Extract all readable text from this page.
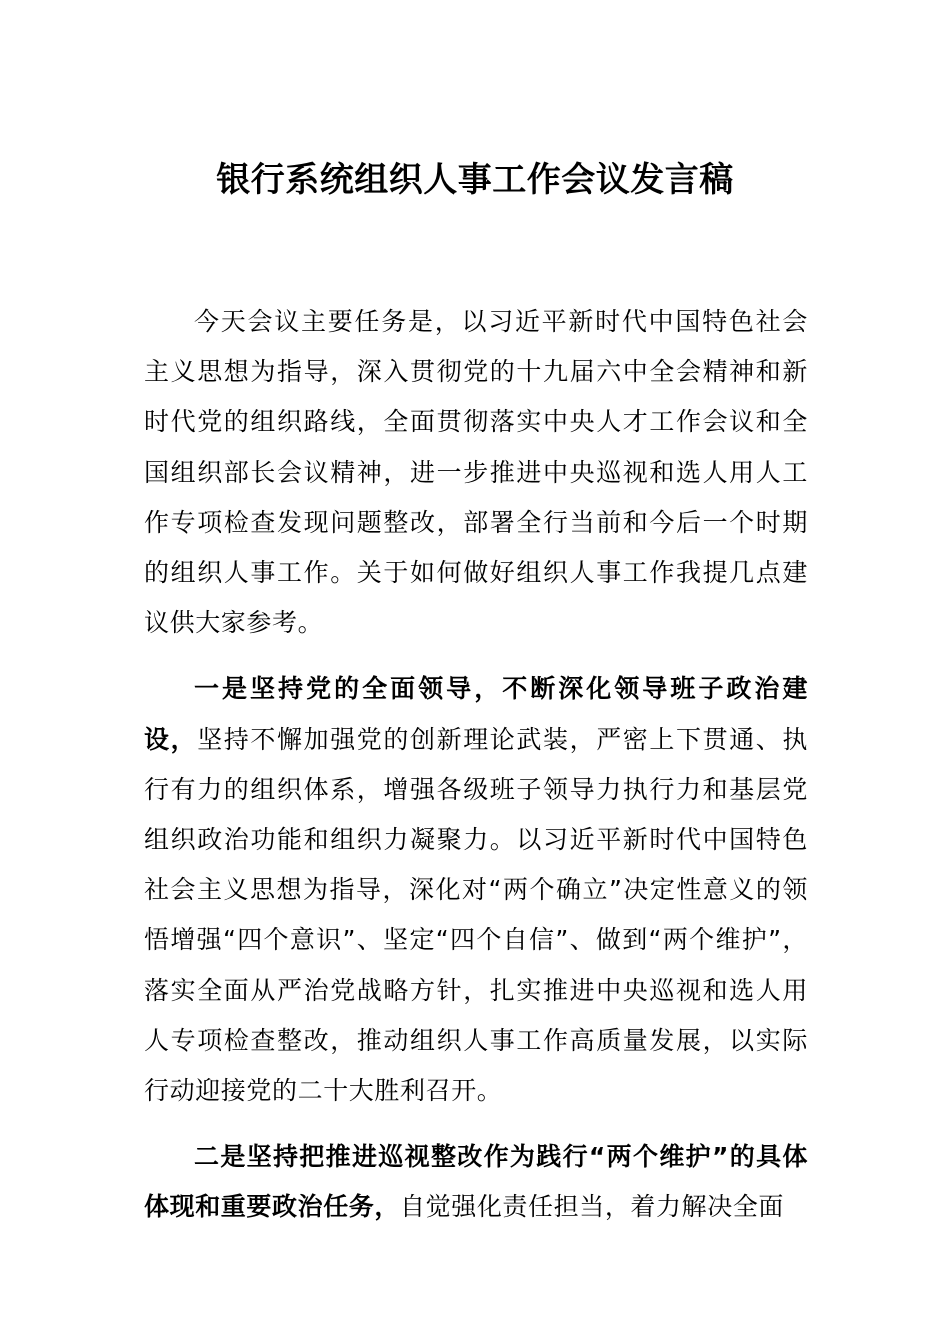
银行系统组织人事工作会议发言稿

今天会议主要任务是，以习近平新时代中国特色社会主义思想为指导，深入贯彻党的十九届六中全会精神和新时代党的组织路线，全面贯彻落实中央人才工作会议和全国组织部长会议精神，进一步推进中央巡视和选人用人工作专项检查发现问题整改，部署全行当前和今后一个时期的组织人事工作。关于如何做好组织人事工作我提几点建议供大家参考。

一是坚持党的全面领导，不断深化领导班子政治建设，坚持不懈加强党的创新理论武装，严密上下贯通、执行有力的组织体系，增强各级班子领导力执行力和基层党组织政治功能和组织力凝聚力。以习近平新时代中国特色社会主义思想为指导，深化对“两个确立”决定性意义的领悟增强“四个意识”、坚定“四个自信”、做到“两个维护”，落实全面从严治党战略方针，扎实推进中央巡视和选人用人专项检查整改，推动组织人事工作高质量发展，以实际行动迎接党的二十大胜利召开。

二是坚持把推进巡视整改作为践行“两个维护”的具体体现和重要政治任务，自觉强化责任担当，着力解决全面
